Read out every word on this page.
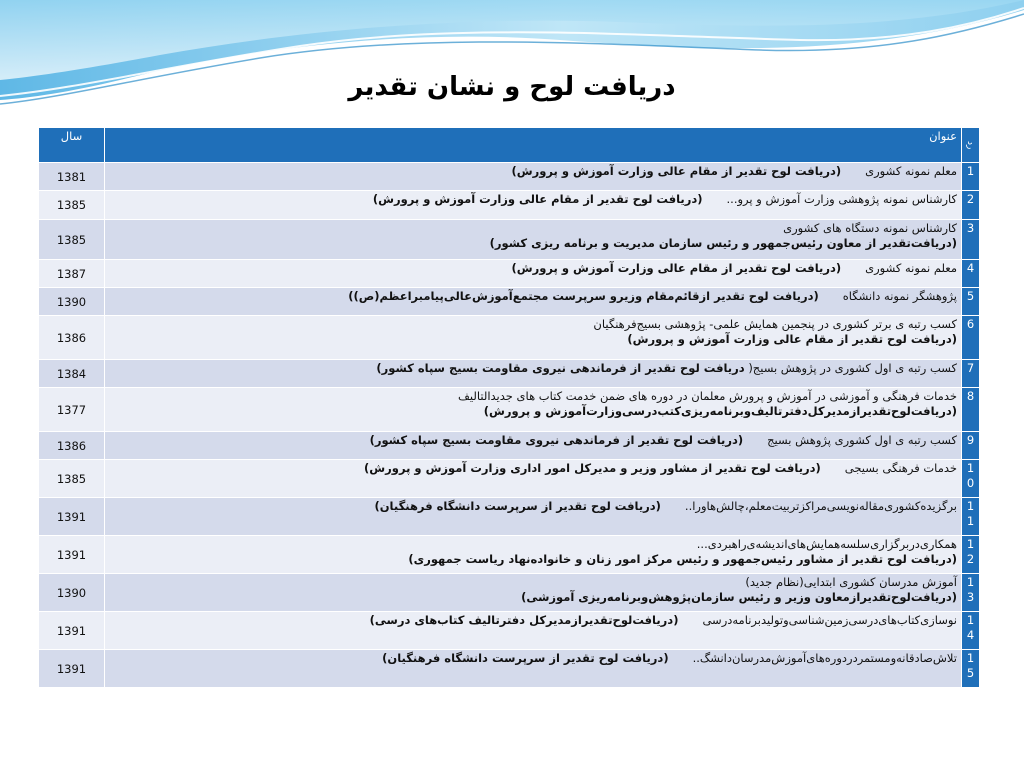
دریافت لوح و نشان تقدیر
رد	عنوان	سال
1	معلم نمونه کشوری(دریافت لوح تقدیر از مقام عالی وزارت آموزش و پرورش)	1381
2	کارشناس نمونه پژوهشی وزارت آموزش و پرو...(دریافت لوح تقدیر از مقام عالی وزارت آموزش و پرورش)	1385
3	کارشناس نمونه دستگاه های کشوری
(دریافت‌تقدیر از معاون رئیس‌جمهور و رئیس سازمان مدیریت و برنامه ریزی کشور)	1385
4	معلم نمونه کشوری(دریافت لوح تقدیر از مقام عالی وزارت آموزش و پرورش)	1387
5	پژوهشگر نمونه دانشگاه(دریافت لوح تقدیر ازقائم‌مقام وزیرو سرپرست مجتمع‌آموزش‌عالی‌پیامبراعظم(ص))	1390
6	کسب رتبه ی برتر کشوری در پنجمین همایش علمی- پژوهشی بسیج‌فرهنگیان
(دریافت لوح تقدیر از مقام عالی وزارت آموزش و پرورش)	1386
7	کسب رتبه ی اول کشوری در پژوهش بسیج( دریافت لوح تقدیر از فرماندهی نیروی مقاومت بسیج سپاه کشور)	1384
8	خدمات فرهنگی و آموزشی در آموزش و پرورش معلمان در دوره های ضمن خدمت کتاب های جدیدالتالیف
(دریافت‌لوح‌تقدیرازمدیرکل‌دفترتالیف‌وبرنامه‌ریزی‌کتب‌درسی‌وزارت‌آموزش و پرورش)	1377
9	کسب رتبه ی اول کشوری پژوهش بسیج(دریافت لوح تقدیر از فرماندهی نیروی مقاومت بسیج سپاه کشور)	1386
10	خدمات فرهنگی بسیجی(دریافت لوح تقدیر از مشاور وزیر و مدیرکل امور اداری وزارت آموزش و پرورش)	1385
11	برگزیده‌کشوری‌مقاله‌نویسی‌مراکزتربیت‌معلم،چالش‌هاورا..(دریافت لوح تقدیر از سرپرست دانشگاه فرهنگیان)	1391
12	همکاری‌دربرگزاری‌سلسه‌همایش‌های‌اندیشه‌ی‌راهبردی...
(دریافت لوح تقدیر از مشاور رئیس‌جمهور و رئیس مرکز امور زنان و خانواده‌نهاد ریاست جمهوری)	1391
13	آموزش مدرسان کشوری ابتدایی(نظام جدید)
(دریافت‌لوح‌تقدیرازمعاون وزیر و رئیس سازمان‌پژوهش‌وبرنامه‌ریزی آموزشی)	1390
14	نوسازی‌کتاب‌های‌درسی‌زمین‌شناسی‌وتولیدبرنامه‌درسی(دریافت‌لوح‌تقدیرازمدیرکل دفترتالیف کتاب‌های درسی)	1391
15	تلاش‌صادقانه‌ومستمردردوره‌های‌آموزش‌مدرسان‌دانشگ..(دریافت لوح تقدیر از سرپرست دانشگاه فرهنگیان)	1391
